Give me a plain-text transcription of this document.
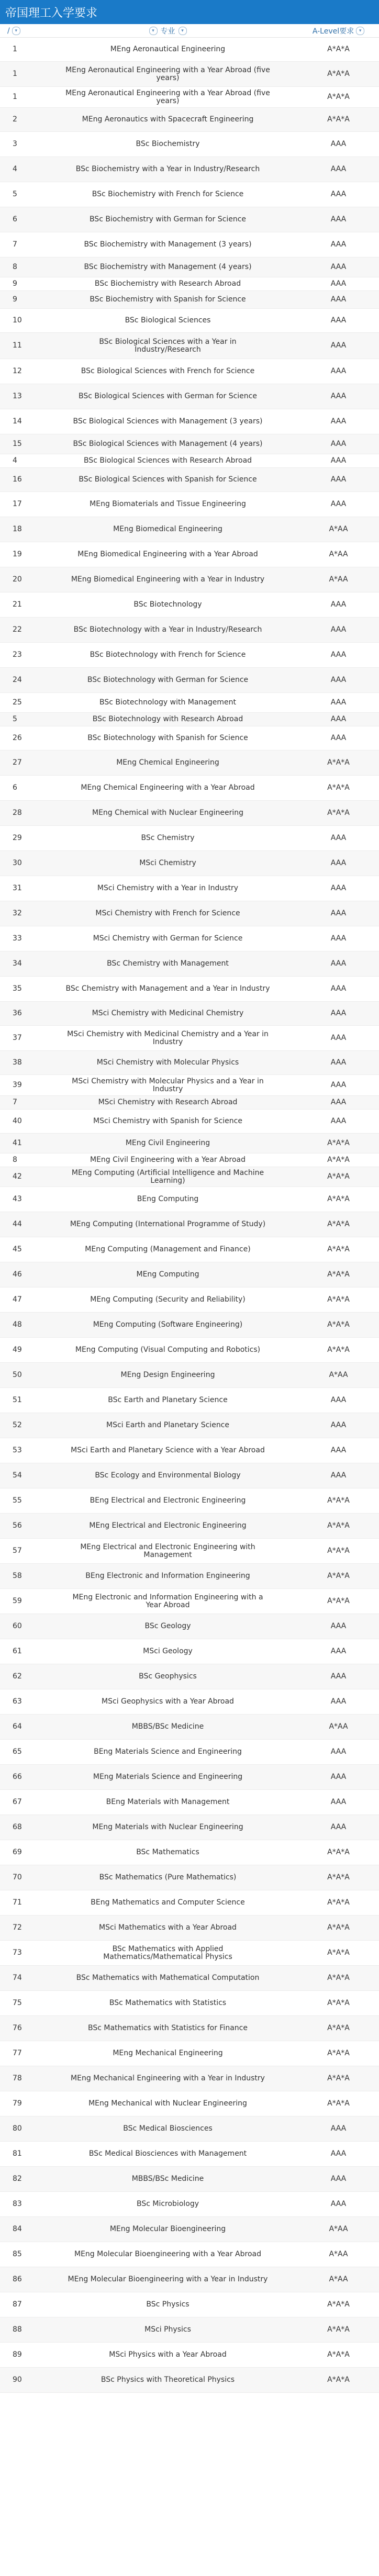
帝国理工入学要求
/	▾	▾ 专业	▾	A-Level要求	▾
1	MEng Aeronautical Engineering	A*A*A
1	MEng Aeronautical Engineering with a Year Abroad (five years)	A*A*A
1	MEng Aeronautical Engineering with a Year Abroad (five years)	A*A*A
2	MEng Aeronautics with Spacecraft Engineering	A*A*A
3	BSc Biochemistry	AAA
4	BSc Biochemistry with a Year in Industry/Research	AAA
5	BSc Biochemistry with French for Science	AAA
6	BSc Biochemistry with German for Science	AAA
7	BSc Biochemistry with Management (3 years)	AAA
8	BSc Biochemistry with Management (4 years)	AAA
9	BSc Biochemistry with Research Abroad	AAA
9	BSc Biochemistry with Spanish for Science	AAA
10	BSc Biological Sciences	AAA
11	BSc Biological Sciences with a Year in Industry/Research	AAA
12	BSc Biological Sciences with French for Science	AAA
13	BSc Biological Sciences with German for Science	AAA
14	BSc Biological Sciences with Management (3 years)	AAA
15	BSc Biological Sciences with Management (4 years)	AAA
4	BSc Biological Sciences with Research Abroad	AAA
16	BSc Biological Sciences with Spanish for Science	AAA
17	MEng Biomaterials and Tissue Engineering	AAA
18	MEng Biomedical Engineering	A*AA
19	MEng Biomedical Engineering with a Year Abroad	A*AA
20	MEng Biomedical Engineering with a Year in Industry	A*AA
21	BSc Biotechnology	AAA
22	BSc Biotechnology with a Year in Industry/Research	AAA
23	BSc Biotechnology with French for Science	AAA
24	BSc Biotechnology with German for Science	AAA
25	BSc Biotechnology with Management	AAA
5	BSc Biotechnology with Research Abroad	AAA
26	BSc Biotechnology with Spanish for Science	AAA
27	MEng Chemical Engineering	A*A*A
6	MEng Chemical Engineering with a Year Abroad	A*A*A
28	MEng Chemical with Nuclear Engineering	A*A*A
29	BSc Chemistry	AAA
30	MSci Chemistry	AAA
31	MSci Chemistry with a Year in Industry	AAA
32	MSci Chemistry with French for Science	AAA
33	MSci Chemistry with German for Science	AAA
34	BSc Chemistry with Management	AAA
35	BSc Chemistry with Management and a Year in Industry	AAA
36	MSci Chemistry with Medicinal Chemistry	AAA
37	MSci Chemistry with Medicinal Chemistry and a Year in Industry	AAA
38	MSci Chemistry with Molecular Physics	AAA
39	MSci Chemistry with Molecular Physics and a Year in Industry	AAA
7	MSci Chemistry with Research Abroad	AAA
40	MSci Chemistry with Spanish for Science	AAA
41	MEng Civil Engineering	A*A*A
8	MEng Civil Engineering with a Year Abroad	A*A*A
42	MEng Computing (Artificial Intelligence and Machine Learning)	A*A*A
43	BEng Computing	A*A*A
44	MEng Computing (International Programme of Study)	A*A*A
45	MEng Computing (Management and Finance)	A*A*A
46	MEng Computing	A*A*A
47	MEng Computing (Security and Reliability)	A*A*A
48	MEng Computing (Software Engineering)	A*A*A
49	MEng Computing (Visual Computing and Robotics)	A*A*A
50	MEng Design Engineering	A*AA
51	BSc Earth and Planetary Science	AAA
52	MSci Earth and Planetary Science	AAA
53	MSci Earth and Planetary Science with a Year Abroad	AAA
54	BSc Ecology and Environmental Biology	AAA
55	BEng Electrical and Electronic Engineering	A*A*A
56	MEng Electrical and Electronic Engineering	A*A*A
57	MEng Electrical and Electronic Engineering with Management	A*A*A
58	BEng Electronic and Information Engineering	A*A*A
59	MEng Electronic and Information Engineering with a Year Abroad	A*A*A
60	BSc Geology	AAA
61	MSci Geology	AAA
62	BSc Geophysics	AAA
63	MSci Geophysics with a Year Abroad	AAA
64	MBBS/BSc Medicine	A*AA
65	BEng Materials Science and Engineering	AAA
66	MEng Materials Science and Engineering	AAA
67	BEng Materials with Management	AAA
68	MEng Materials with Nuclear Engineering	AAA
69	BSc Mathematics	A*A*A
70	BSc Mathematics (Pure Mathematics)	A*A*A
71	BEng Mathematics and Computer Science	A*A*A
72	MSci Mathematics with a Year Abroad	A*A*A
73	BSc Mathematics with Applied Mathematics/Mathematical Physics	A*A*A
74	BSc Mathematics with Mathematical Computation	A*A*A
75	BSc Mathematics with Statistics	A*A*A
76	BSc Mathematics with Statistics for Finance	A*A*A
77	MEng Mechanical Engineering	A*A*A
78	MEng Mechanical Engineering with a Year in Industry	A*A*A
79	MEng Mechanical with Nuclear Engineering	A*A*A
80	BSc Medical Biosciences	AAA
81	BSc Medical Biosciences with Management	AAA
82	MBBS/BSc Medicine	AAA
83	BSc Microbiology	AAA
84	MEng Molecular Bioengineering	A*AA
85	MEng Molecular Bioengineering with a Year Abroad	A*AA
86	MEng Molecular Bioengineering with a Year in Industry	A*AA
87	BSc Physics	A*A*A
88	MSci Physics	A*A*A
89	MSci Physics with a Year Abroad	A*A*A
90	BSc Physics with Theoretical Physics	A*A*A
